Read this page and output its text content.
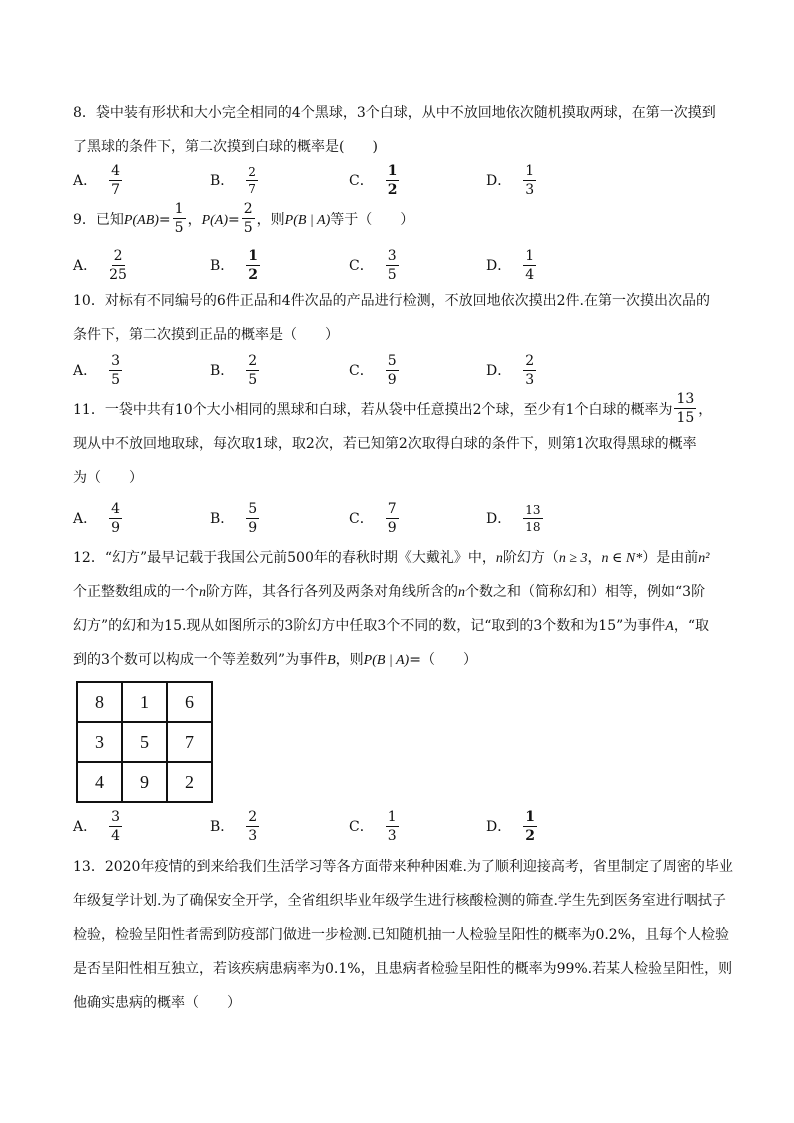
8．袋中装有形状和大小完全相同的4个黑球，3个白球，从中不放回地依次随机摸取两球，在第一次摸到
了黑球的条件下，第二次摸到白球的概率是(　　)
A． $\frac{4}{7}$	B． $\frac{2}{7}$	C． $\frac{1}{2}$	D． $\frac{1}{3}$
9．已知$P(AB)= \frac{1}{5}$ ，$P(A)= \frac{2}{5}$ ，则P(B | A)等于（　　）
A． $\frac{2}{25}$	B． $\frac{1}{2}$	C． $\frac{3}{5}$	D． $\frac{1}{4}$
10．对标有不同编号的6件正品和4件次品的产品进行检测，不放回地依次摸出2件.在第一次摸出次品的
条件下，第二次摸到正品的概率是（　　）
A． $\frac{3}{5}$	B． $\frac{2}{5}$	C． $\frac{5}{9}$	D． $\frac{2}{3}$
11．一袋中共有10个大小相同的黑球和白球，若从袋中任意摸出2个球，至少有1个白球的概率为 $\frac{13}{15}$ ，
现从中不放回地取球，每次取1球，取2次，若已知第2次取得白球的条件下，则第1次取得黑球的概率
为（　　）
A． $\frac{4}{9}$	B． $\frac{5}{9}$	C． $\frac{7}{9}$	D． $\frac{13}{18}$
12．“幻方”最早记载于我国公元前500年的春秋时期《大戴礼》中，n阶幻方（n ≥ 3，n ∈ N*）是由前n²
个正整数组成的一个n阶方阵，其各行各列及两条对角线所含的n个数之和（简称幻和）相等，例如“3阶
幻方”的幻和为15.现从如图所示的3阶幻方中任取3个不同的数，记“取到的3个数和为15”为事件A，“取
到的3个数可以构成一个等差数列”为事件B，则P(B | A)=（　　）
8	1	6
3	5	7
4	9	2
A． $\frac{3}{4}$	B． $\frac{2}{3}$	C． $\frac{1}{3}$	D． $\frac{1}{2}$
13．2020年疫情的到来给我们生活学习等各方面带来种种困难.为了顺利迎接高考，省里制定了周密的毕业
年级复学计划.为了确保安全开学，全省组织毕业年级学生进行核酸检测的筛查.学生先到医务室进行咽拭子
检验，检验呈阳性者需到防疫部门做进一步检测.已知随机抽一人检验呈阳性的概率为0.2%，且每个人检验
是否呈阳性相互独立，若该疾病患病率为0.1%，且患病者检验呈阳性的概率为99%.若某人检验呈阳性，则
他确实患病的概率（　　）
